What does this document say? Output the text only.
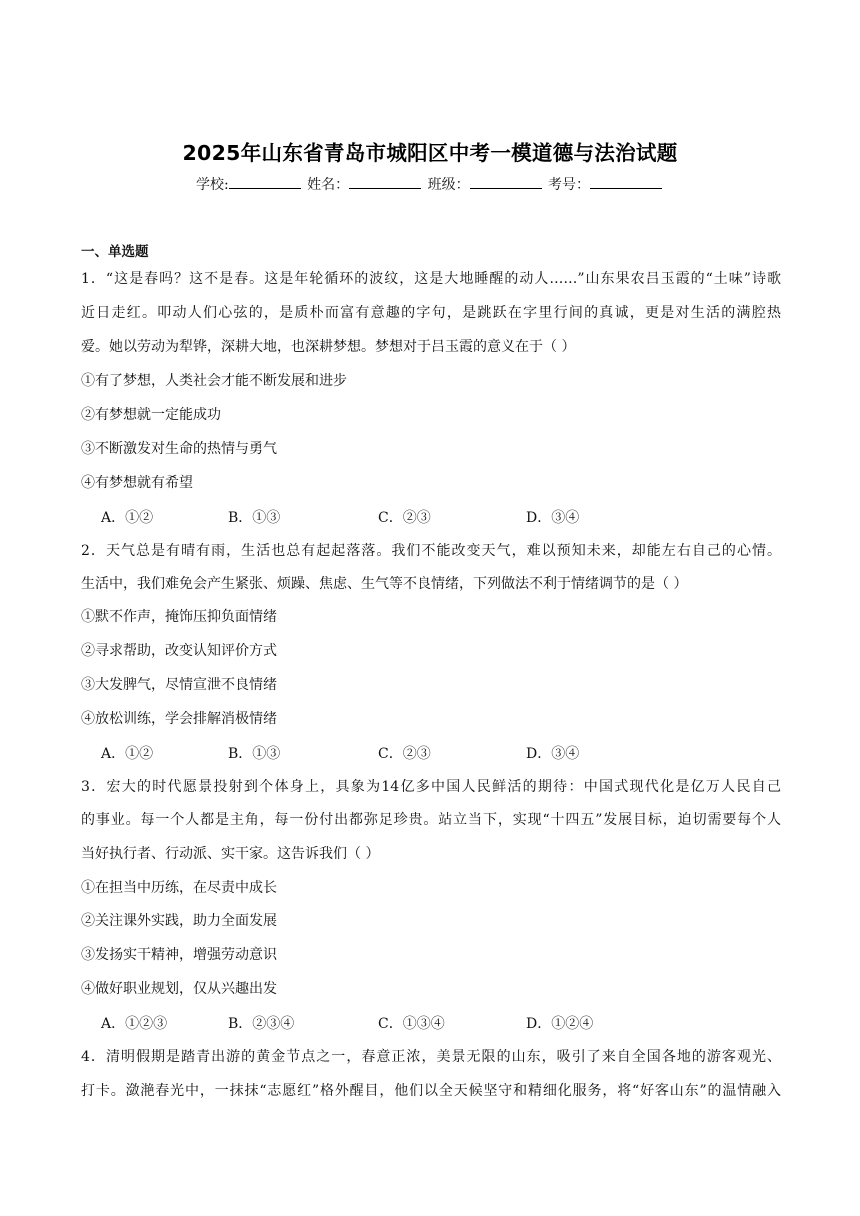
2025年山东省青岛市城阳区中考一模道德与法治试题
学校:	姓名：	班级：	考号：
一、单选题
1．“这是春吗？这不是春。这是年轮循环的波纹，这是大地睡醒的动人……”山东果农吕玉霞的“土味”诗歌
近日走红。叩动人们心弦的，是质朴而富有意趣的字句，是跳跃在字里行间的真诚，更是对生活的满腔热
爱。她以劳动为犁铧，深耕大地，也深耕梦想。梦想对于吕玉霞的意义在于（ ）
①有了梦想，人类社会才能不断发展和进步
②有梦想就一定能成功
③不断激发对生命的热情与勇气
④有梦想就有希望
A．①②	B．①③	C．②③	D．③④
2．天气总是有晴有雨，生活也总有起起落落。我们不能改变天气，难以预知未来，却能左右自己的心情。
生活中，我们难免会产生紧张、烦躁、焦虑、生气等不良情绪，下列做法不利于情绪调节的是（ ）
①默不作声，掩饰压抑负面情绪
②寻求帮助，改变认知评价方式
③大发脾气，尽情宣泄不良情绪
④放松训练，学会排解消极情绪
A．①②	B．①③	C．②③	D．③④
3．宏大的时代愿景投射到个体身上，具象为14亿多中国人民鲜活的期待：中国式现代化是亿万人民自己
的事业。每一个人都是主角，每一份付出都弥足珍贵。站立当下，实现“十四五”发展目标，迫切需要每个人
当好执行者、行动派、实干家。这告诉我们（ ）
①在担当中历练，在尽责中成长
②关注课外实践，助力全面发展
③发扬实干精神，增强劳动意识
④做好职业规划，仅从兴趣出发
A．①②③	B．②③④	C．①③④	D．①②④
4．清明假期是踏青出游的黄金节点之一，春意正浓，美景无限的山东，吸引了来自全国各地的游客观光、
打卡。潋滟春光中，一抹抹“志愿红”格外醒目，他们以全天候坚守和精细化服务，将“好客山东”的温情融入
